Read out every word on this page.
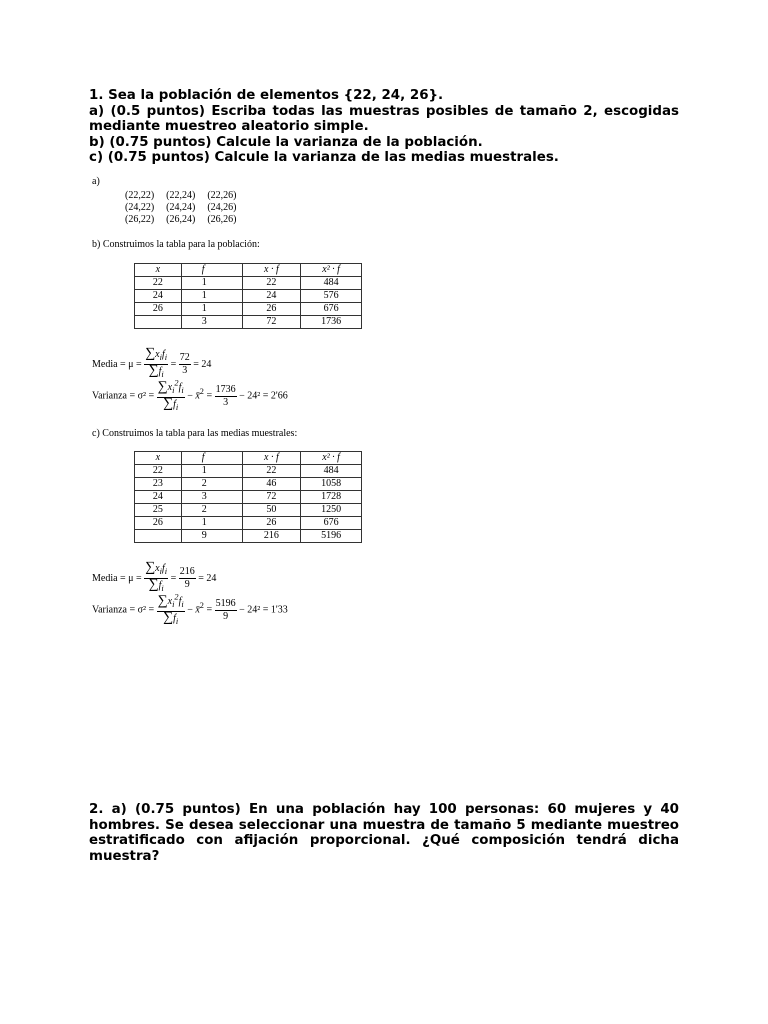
1. Sea la población de elementos {22, 24, 26}.

a) (0.5 puntos) Escriba todas las muestras posibles de tamaño 2, escogidas mediante muestreo aleatorio simple.

b) (0.75 puntos) Calcule la varianza de la población.

c) (0.75 puntos) Calcule la varianza de las medias muestrales.

a)
(22,22)	(22,24)	(22,26)
(24,22)	(24,24)	(24,26)
(26,22)	(26,24)	(26,26)
b) Construimos la tabla para la población:
x	f	x · f	x² · f
22	1	22	484
24	1	24	576
26	1	26	676
	3	72	1736
Media = $\mu = \frac{\sum x_if_i}{\sum f_i} = \frac{72}{3} = 24$
Varianza = $\sigma^2 = \frac{\sum x_i^2f_i}{\sum f_i}$ − x̄$^2$ = $\frac{1736}{3} - 24^2 = 2'66$
c) Construimos la tabla para las medias muestrales:
x	f	x · f	x² · f
22	1	22	484
23	2	46	1058
24	3	72	1728
25	2	50	1250
26	1	26	676
	9	216	5196
Media = $\mu = \frac{\sum x_if_i}{\sum f_i} = \frac{216}{9} = 24$
Varianza = $\sigma^2 = \frac{\sum x_i^2f_i}{\sum f_i}$ − x̄$^2$ = $\frac{5196}{9} - 24^2 = 1'33$

2. a) (0.75 puntos) En una población hay 100 personas: 60 mujeres y 40 hombres. Se desea seleccionar una muestra de tamaño 5 mediante muestreo estratificado con afijación proporcional. ¿Qué composición tendrá dicha muestra?
